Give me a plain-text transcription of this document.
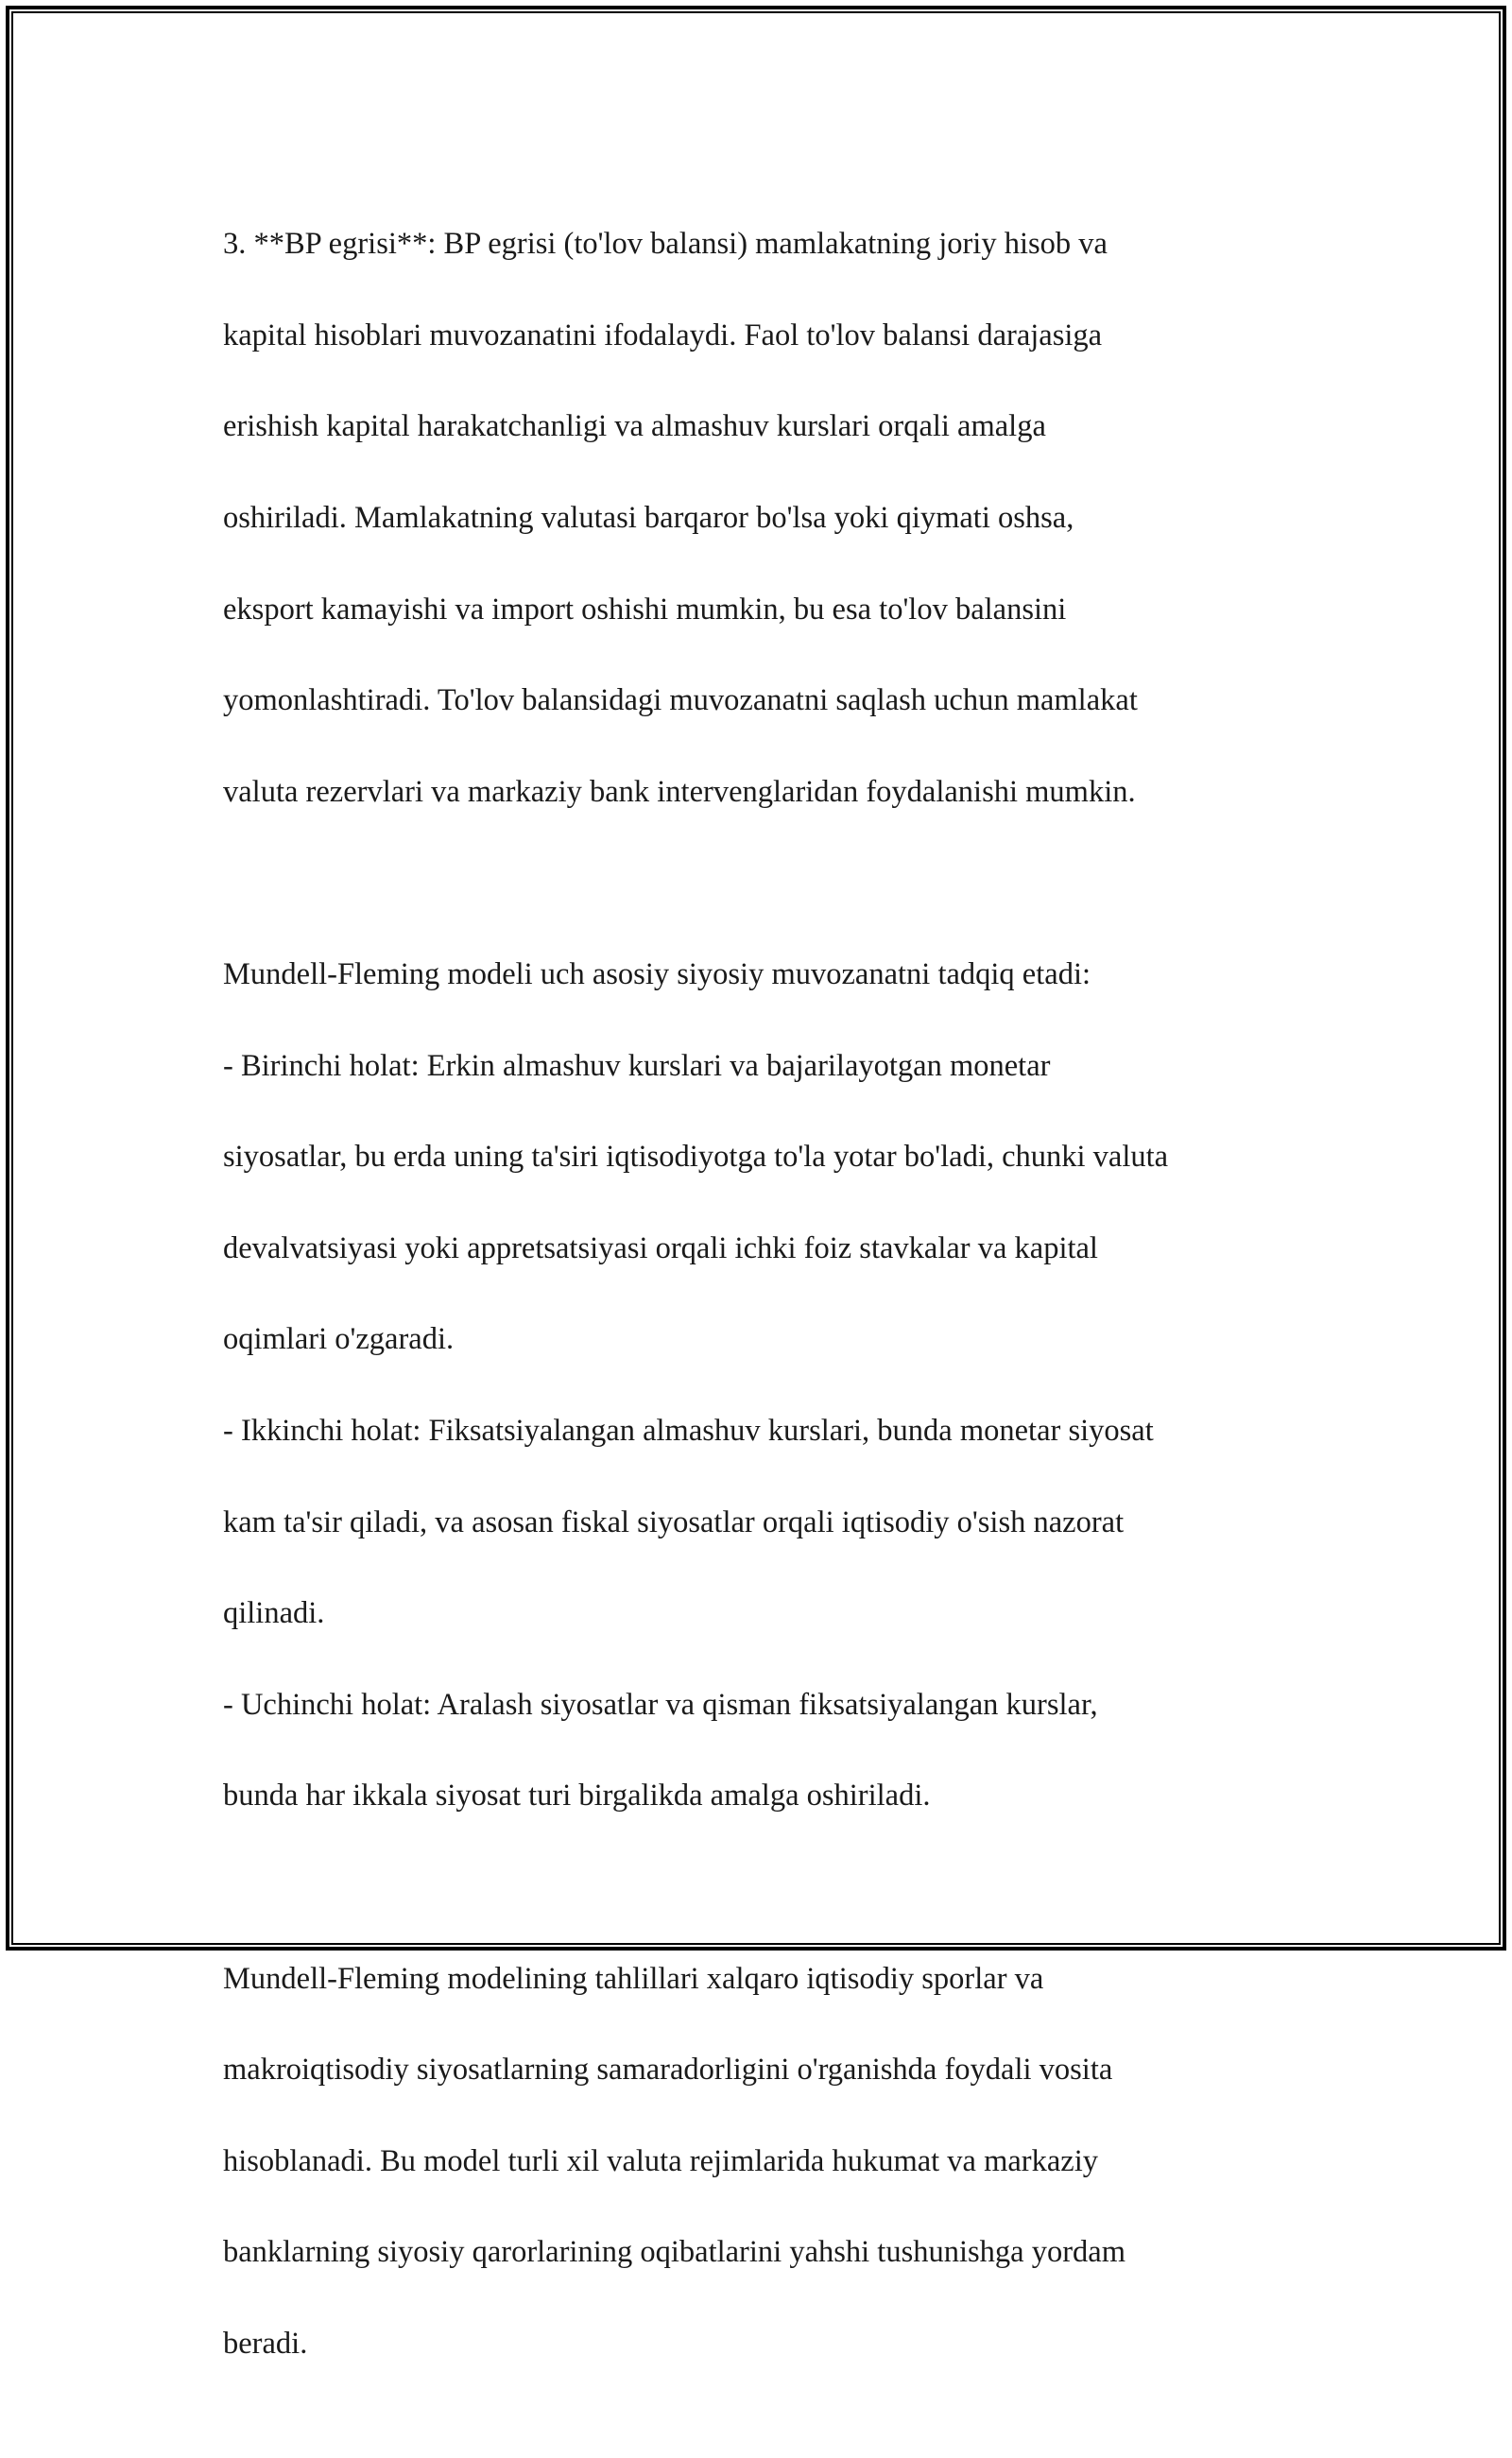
3. **BP egrisi**: BP egrisi (to'lov balansi) mamlakatning joriy hisob va

kapital hisoblari muvozanatini ifodalaydi. Faol to'lov balansi darajasiga

erishish kapital harakatchanligi va almashuv kurslari orqali amalga

oshiriladi. Mamlakatning valutasi barqaror bo'lsa yoki qiymati oshsa,

eksport kamayishi va import oshishi mumkin, bu esa to'lov balansini

yomonlashtiradi. To'lov balansidagi muvozanatni saqlash uchun mamlakat

valuta rezervlari va markaziy bank intervenglaridan foydalanishi mumkin.

Mundell-Fleming modeli uch asosiy siyosiy muvozanatni tadqiq etadi:

- Birinchi holat: Erkin almashuv kurslari va bajarilayotgan monetar

siyosatlar, bu erda uning ta'siri iqtisodiyotga to'la yotar bo'ladi, chunki valuta

devalvatsiyasi yoki appretsatsiyasi orqali ichki foiz stavkalar va kapital

oqimlari o'zgaradi.

- Ikkinchi holat: Fiksatsiyalangan almashuv kurslari, bunda monetar siyosat

kam ta'sir qiladi, va asosan fiskal siyosatlar orqali iqtisodiy o'sish nazorat

qilinadi.

- Uchinchi holat: Aralash siyosatlar va qisman fiksatsiyalangan kurslar,

bunda har ikkala siyosat turi birgalikda amalga oshiriladi.

Mundell-Fleming modelining tahlillari xalqaro iqtisodiy sporlar va

makroiqtisodiy siyosatlarning samaradorligini o'rganishda foydali vosita

hisoblanadi. Bu model turli xil valuta rejimlarida hukumat va markaziy

banklarning siyosiy qarorlarining oqibatlarini yahshi tushunishga yordam

beradi.
